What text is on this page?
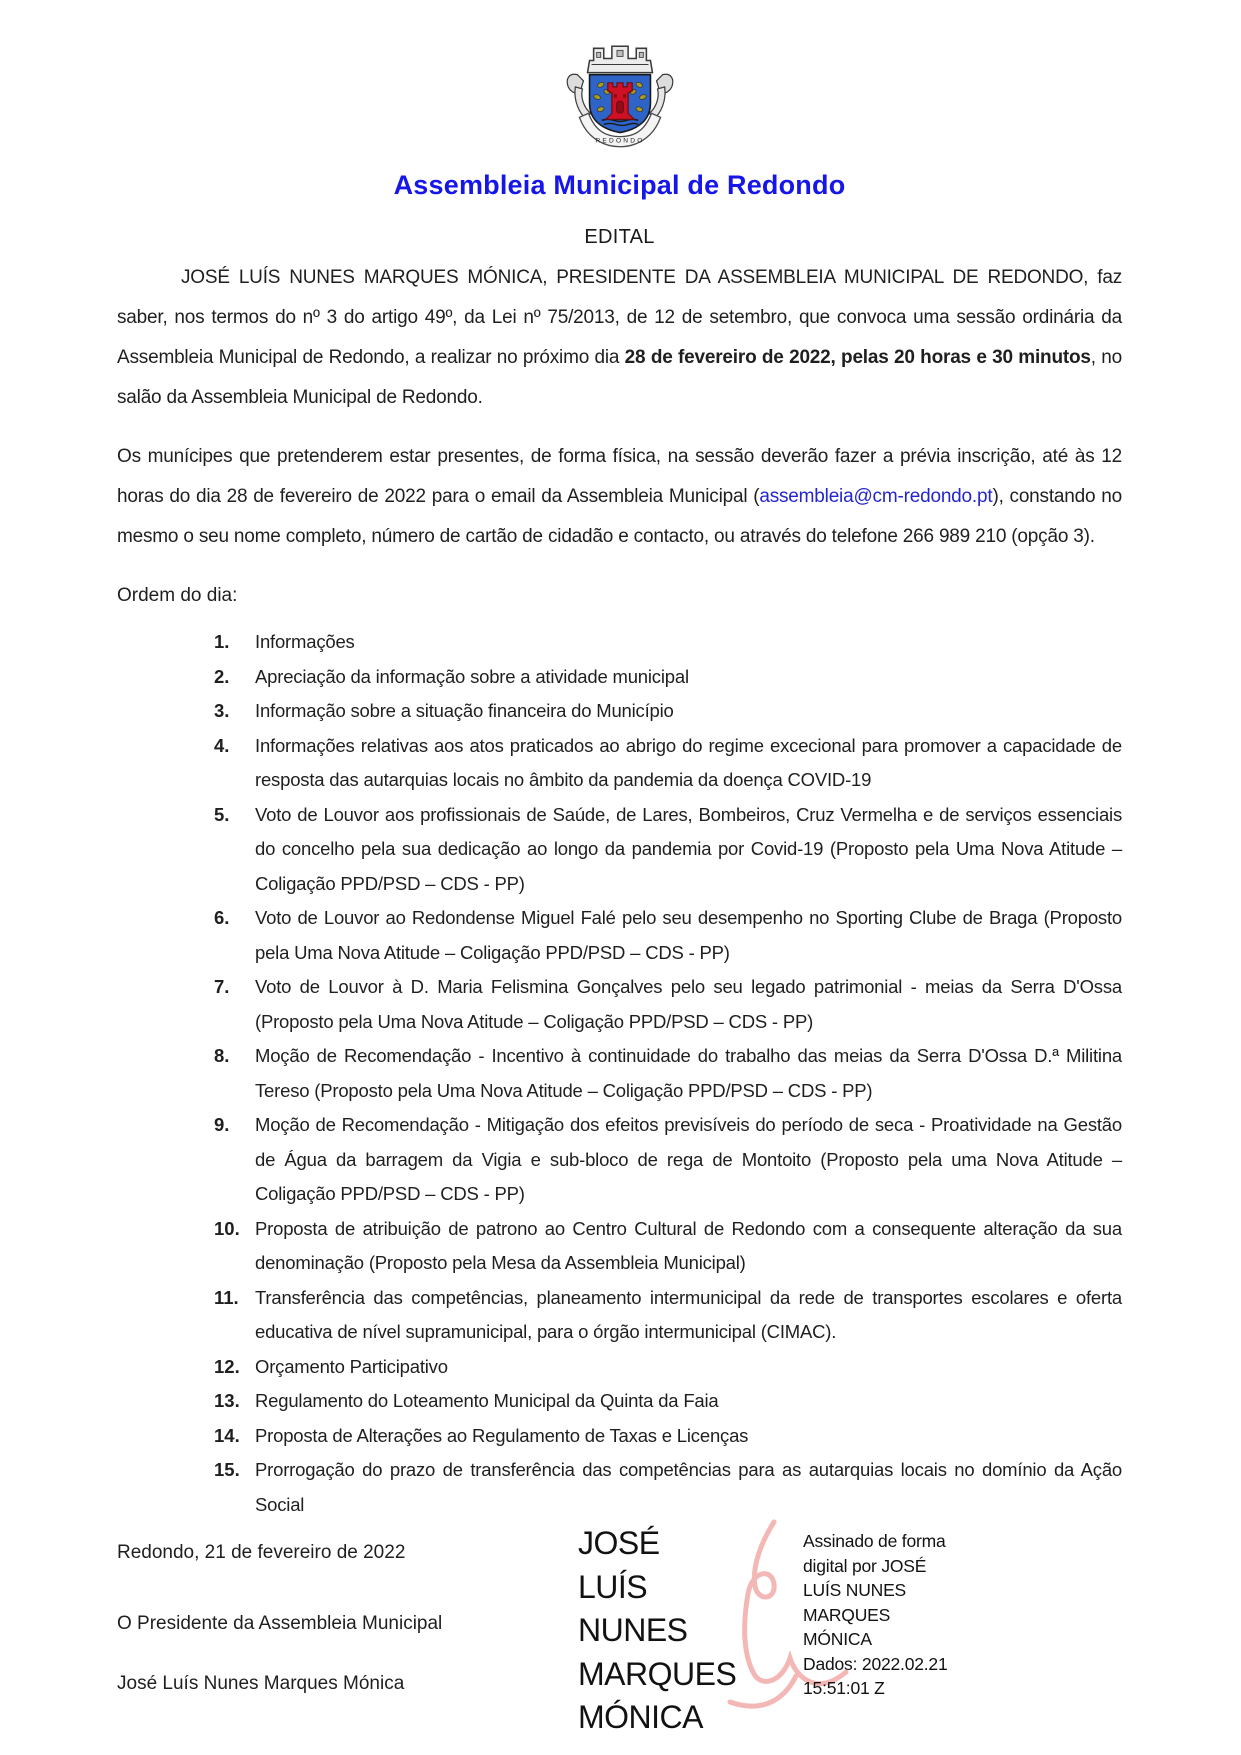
REDONDO
Assembleia Municipal de Redondo
EDITAL

JOSÉ LUÍS NUNES MARQUES MÓNICA, PRESIDENTE DA ASSEMBLEIA MUNICIPAL DE REDONDO, faz saber, nos termos do nº 3 do artigo 49º, da Lei nº 75/2013, de 12 de setembro, que convoca uma sessão ordinária da Assembleia Municipal de Redondo, a realizar no próximo dia 28 de fevereiro de 2022, pelas 20 horas e 30 minutos, no salão da Assembleia Municipal de Redondo.

Os munícipes que pretenderem estar presentes, de forma física, na sessão deverão fazer a prévia inscrição, até às 12 horas do dia 28 de fevereiro de 2022 para o email da Assembleia Municipal (assembleia@cm-redondo.pt), constando no mesmo o seu nome completo, número de cartão de cidadão e contacto, ou através do telefone 266 989 210 (opção 3).

Ordem do dia:
1.	Informações
2.	Apreciação da informação sobre a atividade municipal
3.	Informação sobre a situação financeira do Município
4.	Informações relativas aos atos praticados ao abrigo do regime excecional para promover a capacidade de resposta das autarquias locais no âmbito da pandemia da doença COVID-19
5.	Voto de Louvor aos profissionais de Saúde, de Lares, Bombeiros, Cruz Vermelha e de serviços essenciais do concelho pela sua dedicação ao longo da pandemia por Covid-19 (Proposto pela Uma Nova Atitude – Coligação PPD/PSD – CDS - PP)
6.	Voto de Louvor ao Redondense Miguel Falé pelo seu desempenho no Sporting Clube de Braga (Proposto pela Uma Nova Atitude – Coligação PPD/PSD – CDS - PP)
7.	Voto de Louvor à D. Maria Felismina Gonçalves pelo seu legado patrimonial - meias da Serra D'Ossa (Proposto pela Uma Nova Atitude – Coligação PPD/PSD – CDS - PP)
8.	Moção de Recomendação - Incentivo à continuidade do trabalho das meias da Serra D'Ossa D.ª Militina Tereso (Proposto pela Uma Nova Atitude – Coligação PPD/PSD – CDS - PP)
9.	Moção de Recomendação - Mitigação dos efeitos previsíveis do período de seca - Proatividade na Gestão de Água da barragem da Vigia e sub-bloco de rega de Montoito (Proposto pela uma Nova Atitude – Coligação PPD/PSD – CDS - PP)
10. Proposta de atribuição de patrono ao Centro Cultural de Redondo com a consequente alteração da sua denominação (Proposto pela Mesa da Assembleia Municipal)
11. Transferência das competências, planeamento intermunicipal da rede de transportes escolares e oferta educativa de nível supramunicipal, para o órgão intermunicipal (CIMAC).
12. Orçamento Participativo
13. Regulamento do Loteamento Municipal da Quinta da Faia
14. Proposta de Alterações ao Regulamento de Taxas e Licenças
15. Prorrogação do prazo de transferência das competências para as autarquias locais no domínio da Ação Social
Redondo, 21 de fevereiro de 2022
O Presidente da Assembleia Municipal
José Luís Nunes Marques Mónica
JOSÉ LUÍS NUNES MARQUES MÓNICA
Assinado de forma digital por JOSÉ LUÍS NUNES MARQUES MÓNICA
Dados: 2022.02.21 15:51:01 Z
